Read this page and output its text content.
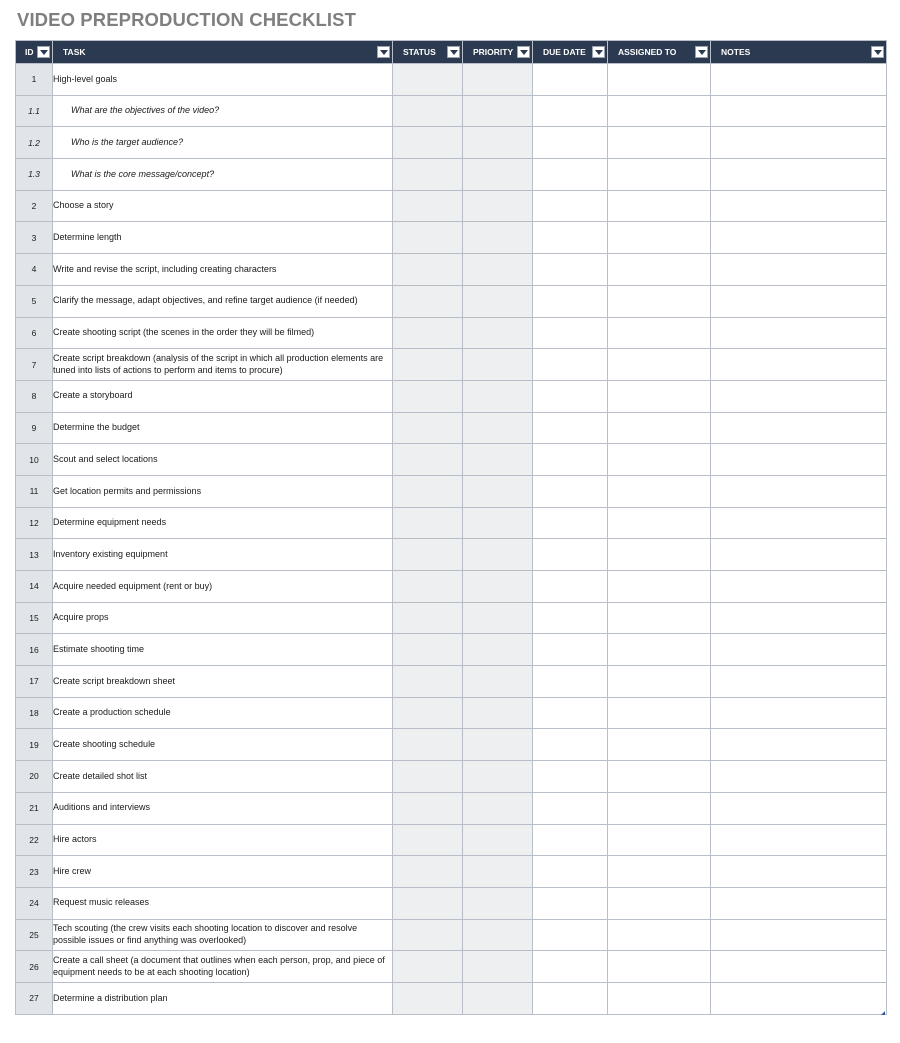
VIDEO PREPRODUCTION CHECKLIST
ID	TASK	STATUS	PRIORITY	DUE DATE	ASSIGNED TO	NOTES

1	High-level goals					
1.1	What are the objectives of the video?					
1.2	Who is the target audience?					
1.3	What is the core message/concept?					
2	Choose a story					
3	Determine length					
4	Write and revise the script, including creating characters					
5	Clarify the message, adapt objectives, and refine target audience (if needed)					
6	Create shooting script (the scenes in the order they will be filmed)					
7	Create script breakdown (analysis of the script in which all production elements are tuned into lists of actions to perform and items to procure)					
8	Create a storyboard					
9	Determine the budget					
10	Scout and select locations					
11	Get location permits and permissions					
12	Determine equipment needs					
13	Inventory existing equipment					
14	Acquire needed equipment (rent or buy)					
15	Acquire props					
16	Estimate shooting time					
17	Create script breakdown sheet					
18	Create a production schedule					
19	Create shooting schedule					
20	Create detailed shot list					
21	Auditions and interviews					
22	Hire actors					
23	Hire crew					
24	Request music releases					
25	Tech scouting (the crew visits each shooting location to discover and resolve possible issues or find anything was overlooked)					
26	Create a call sheet (a document that outlines when each person, prop, and piece of equipment needs to be at each shooting location)					
27	Determine a distribution plan					
